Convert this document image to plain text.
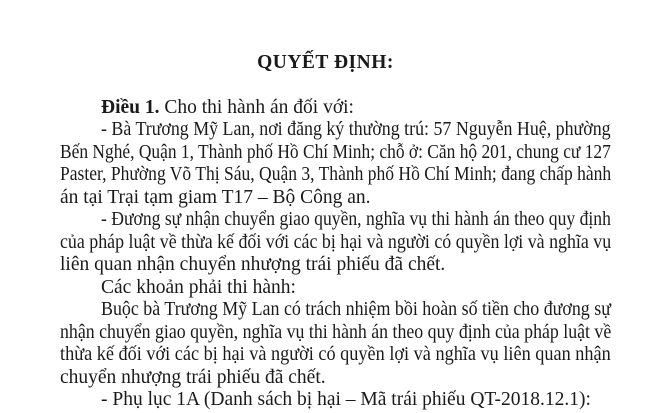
QUYẾT ĐỊNH:
Điều 1. Cho thi hành án đối với:
- Bà Trương Mỹ Lan, nơi đăng ký thường trú: 57 Nguyễn Huệ, phường
Bến Nghé, Quận 1, Thành phố Hồ Chí Minh; chỗ ở: Căn hộ 201, chung cư 127
Paster, Phường Võ Thị Sáu, Quận 3, Thành phố Hồ Chí Minh; đang chấp hành
án tại Trại tạm giam T17 – Bộ Công an.
- Đương sự nhận chuyển giao quyền, nghĩa vụ thi hành án theo quy định
của pháp luật về thừa kế đối với các bị hại và người có quyền lợi và nghĩa vụ
liên quan nhận chuyển nhượng trái phiếu đã chết.
Các khoản phải thi hành:
Buộc bà Trương Mỹ Lan có trách nhiệm bồi hoàn số tiền cho đương sự
nhận chuyển giao quyền, nghĩa vụ thi hành án theo quy định của pháp luật về
thừa kế đối với các bị hại và người có quyền lợi và nghĩa vụ liên quan nhận
chuyển nhượng trái phiếu đã chết.
- Phụ lục 1A (Danh sách bị hại – Mã trái phiếu QT-2018.12.1):
